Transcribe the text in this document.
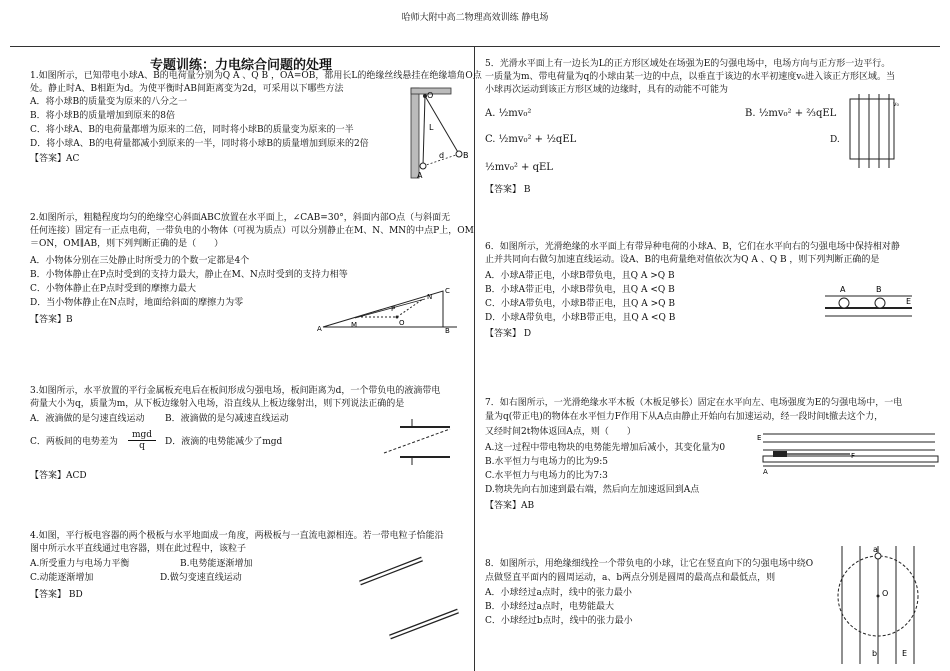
哈师大附中高二物理高效训练 静电场
专题训练：力电综合问题的处理
1.如图所示，已知带电小球A、B的电荷量分别为Q A 、Q B ，OA=OB，都用长L的绝缘丝线悬挂在绝缘墙角O点
处。静止时A、B相距为d。为使平衡时AB间距离变为2d，可采用以下哪些方法
A．将小球B的质量变为原来的八分之一
B．将小球B的质量增加到原来的8倍
C．将小球A、B的电荷量都增为原来的二倍，同时将小球B的质量变为原来的一半
D．将小球A、B的电荷量都减小到原来的一半，同时将小球B的质量增加到原来的2倍
【答案】AC
O
L
d
A
B
2.如图所示，粗糙程度均匀的绝缘空心斜面ABC放置在水平面上，∠CAB=30°，斜面内部O点（与斜面无
任何连接）固定有一正点电荷，一带负电的小物体（可视为质点）可以分别静止在M、N、MN的中点P上，OM
＝ON，OM∥AB，则下列判断正确的是（　　）
A．小物体分别在三处静止时所受力的个数一定都是4个
B．小物体静止在P点时受到的支持力最大，静止在M、N点时受到的支持力相等
C．小物体静止在P点时受到的摩擦力最大
D．当小物体静止在N点时，地面给斜面的摩擦力为零
【答案】B
A	B
C
M
N
P
O
3.如图所示，水平放置的平行金属板充电后在板间形成匀强电场，板间距离为d，一个带负电的液滴带电
荷量大小为q，质量为m，从下板边缘射入电场，沿直线从上板边缘射出，则下列说法正确的是
A．液滴做的是匀速直线运动 B．液滴做的是匀减速直线运动
C．两板间的电势差为
mgd
q	D．液滴的电势能减少了mgd
【答案】ACD
4.如图，平行板电容器的两个极板与水平地面成一角度，两极板与一直流电源相连。若一带电粒子恰能沿
图中所示水平直线通过电容器，则在此过程中，该粒子
A.所受重力与电场力平衡	B.电势能逐渐增加
C.动能逐渐增加	D.做匀变速直线运动
【答案】 BD
5．光滑水平面上有一边长为L的正方形区域处在场强为E的匀强电场中，电场方向与正方形一边平行。
一质量为m、带电荷量为q的小球由某一边的中点，以垂直于该边的水平初速度v₀进入该正方形区域。当
小球再次运动到该正方形区域的边缘时，具有的动能不可能为
A. ½mv₀²	B. ½mv₀² + ⅔qEL
C. ½mv₀² + ½qEL	D.
½mv₀² + qEL
【答案】 B
v₀
6．如图所示，光滑绝缘的水平面上有带异种电荷的小球A、B，它们在水平向右的匀强电场中保持相对静
止并共同向右做匀加速直线运动。设A、B的电荷量绝对值依次为Q A 、Q B ，则下列判断正确的是
A．小球A带正电，小球B带负电，且Q A >Q B
B．小球A带正电，小球B带负电，且Q A <Q B
C．小球A带负电，小球B带正电，且Q A >Q B
D．小球A带负电，小球B带正电，且Q A <Q B
【答案】 D
A	B
E
7．如右图所示，一光滑绝缘水平木板（木板足够长）固定在水平向左、电场强度为E的匀强电场中，一电
量为q(带正电)的物体在水平恒力F作用下从A点由静止开始向右加速运动，经一段时间t撤去这个力，
又经时间2t物体返回A点，则（　　）
A.这一过程中带电物块的电势能先增加后减小，其变化量为0
B.水平恒力与电场力的比为9:5
C.水平恒力与电场力的比为7:3
D.物块先向右加速到最右端，然后向左加速返回到A点
【答案】AB
E
F
A
8．如图所示，用绝缘细线拴一个带负电的小球，让它在竖直向下的匀强电场中绕O
点做竖直平面内的圆周运动，a、b两点分别是圆周的最高点和最低点，则
A．小球经过a点时，线中的张力最小
B．小球经过a点时，电势能最大
C．小球经过b点时，线中的张力最小
a
O
b	E
